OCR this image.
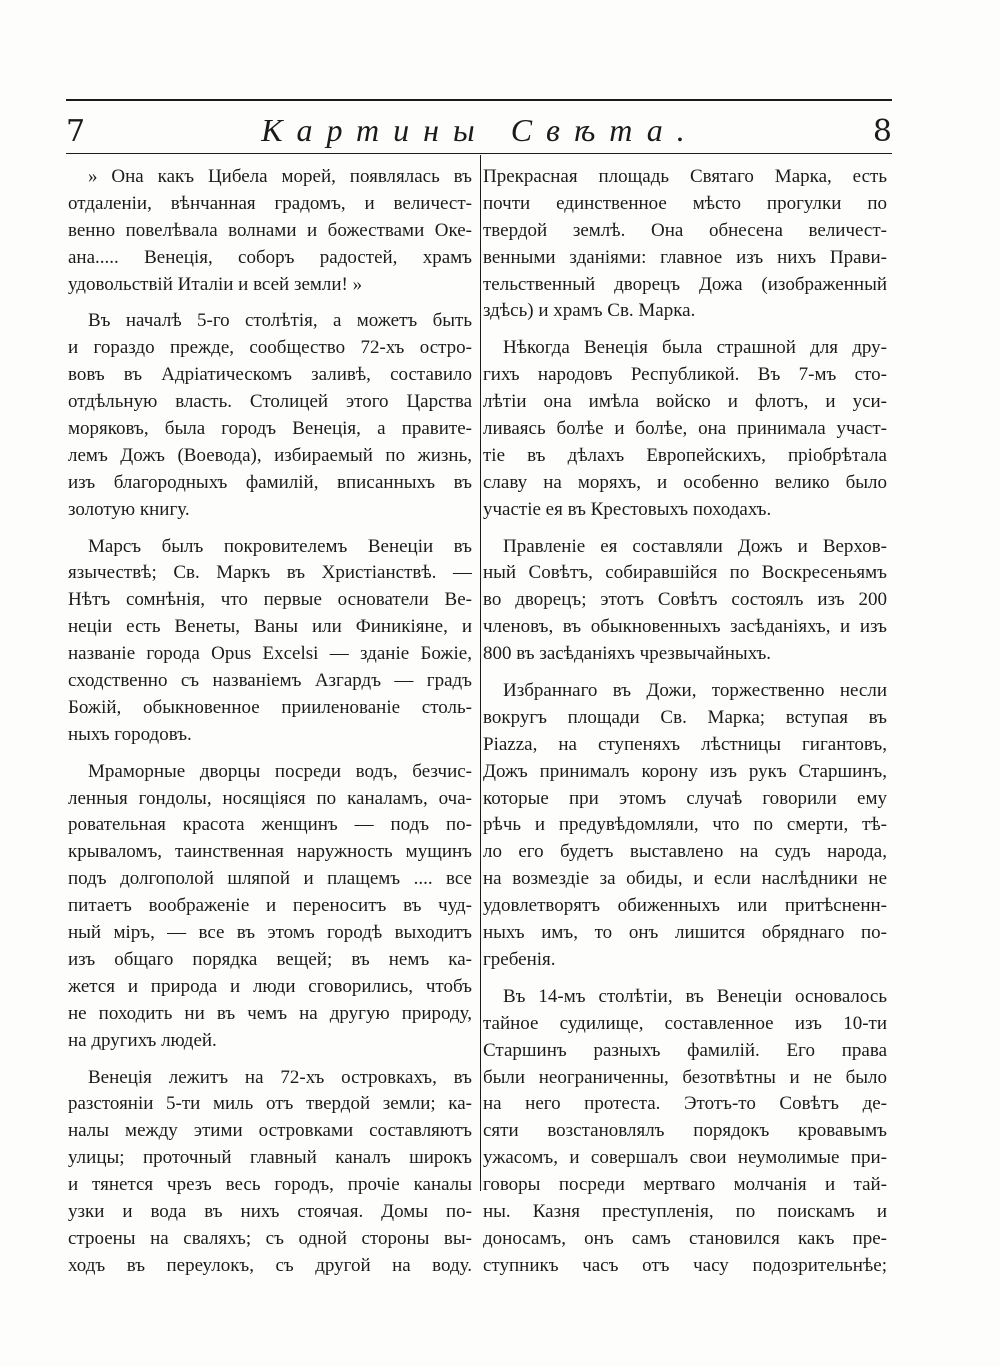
7	Картины Свѣта.	8
» Она какъ Цибела морей, появлялась въ
отдаленіи, вѣнчанная градомъ, и величест-
венно повелѣвала волнами и божествами Оке-
ана..... Венеція, соборъ радостей, храмъ
удовольствій Италіи и всей земли! »
Въ началѣ 5-го столѣтія, а можетъ быть
и гораздо прежде, сообщество 72-хъ остро-
вовъ въ Адріатическомъ заливѣ, составило
отдѣльную власть. Столицей этого Царства
моряковъ, была городъ Венеція, а правите-
лемъ Дожъ (Воевода), избираемый по жизнь,
изъ благородныхъ фамилій, вписанныхъ въ
золотую книгу.
Марсъ былъ покровителемъ Венеціи въ
язычествѣ; Св. Маркъ въ Христіанствѣ. —
Нѣтъ сомнѣнія, что первые основатели Ве-
неціи есть Венеты, Ваны или Финикіяне, и
названіе города Opus Excelsi — зданіе Божіе,
сходственно съ названіемъ Азгардъ — градъ
Божій, обыкновенное прииленованіе столь-
ныхъ городовъ.
Мраморные дворцы посреди водъ, безчис-
ленныя гондолы, носящіяся по каналамъ, оча-
ровательная красота женщинъ — подъ по-
крываломъ, таинственная наружность мущинъ
подъ долгополой шляпой и плащемъ .... все
питаетъ воображеніе и переноситъ въ чуд-
ный міръ, — все въ этомъ городѣ выходитъ
изъ общаго порядка вещей; въ немъ ка-
жется и природа и люди сговорились, чтобъ
не походить ни въ чемъ на другую природу,
на другихъ людей.
Венеція лежитъ на 72-хъ островкахъ, въ
разстояніи 5-ти миль отъ твердой земли; ка-
налы между этими островками составляютъ
улицы; проточный главный каналъ широкъ
и тянется чрезъ весь городъ, прочіе каналы
узки и вода въ нихъ стоячая. Домы по-
строены на сваляхъ; съ одной стороны вы-
ходъ въ переулокъ, съ другой на воду.
Прекрасная площадь Святаго Марка, есть
почти единственное мѣсто прогулки по
твердой землѣ. Она обнесена величест-
венными зданіями: главное изъ нихъ Прави-
тельственный дворецъ Дожа (изображенный
здѣсь) и храмъ Св. Марка.
Нѣкогда Венеція была страшной для дру-
гихъ народовъ Республикой. Въ 7-мъ сто-
лѣтіи она имѣла войско и флотъ, и уси-
ливаясь болѣе и болѣе, она принимала участ-
тіе въ дѣлахъ Европейскихъ, пріобрѣтала
славу на моряхъ, и особенно велико было
участіе ея въ Крестовыхъ походахъ.
Правленіе ея составляли Дожъ и Верхов-
ный Совѣтъ, собиравшійся по Воскресеньямъ
во дворецъ; этотъ Совѣтъ состоялъ изъ 200
членовъ, въ обыкновенныхъ засѣданіяхъ, и изъ
800 въ засѣданіяхъ чрезвычайныхъ.
Избраннаго въ Дожи, торжественно несли
вокругъ площади Св. Марка; вступая въ
Piazza, на ступеняхъ лѣстницы гигантовъ,
Дожъ принималъ корону изъ рукъ Старшинъ,
которые при этомъ случаѣ говорили ему
рѣчь и предувѣдомляли, что по смерти, тѣ-
ло его будетъ выставлено на судъ народа,
на возмездіе за обиды, и если наслѣдники не
удовлетворятъ обиженныхъ или притѣсненн-
ныхъ имъ, то онъ лишится обряднаго по-
гребенія.
Въ 14-мъ столѣтіи, въ Венеціи основалось
тайное судилище, составленное изъ 10-ти
Старшинъ разныхъ фамилій. Его права
были неограниченны, безотвѣтны и не было
на него протеста. Этотъ-то Совѣтъ де-
сяти возстановлялъ порядокъ кровавымъ
ужасомъ, и совершалъ свои неумолимые при-
говоры посреди мертваго молчанія и тай-
ны. Казня преступленія, по поискамъ и
доносамъ, онъ самъ становился какъ пре-
ступникъ часъ отъ часу подозрительнѣе;
